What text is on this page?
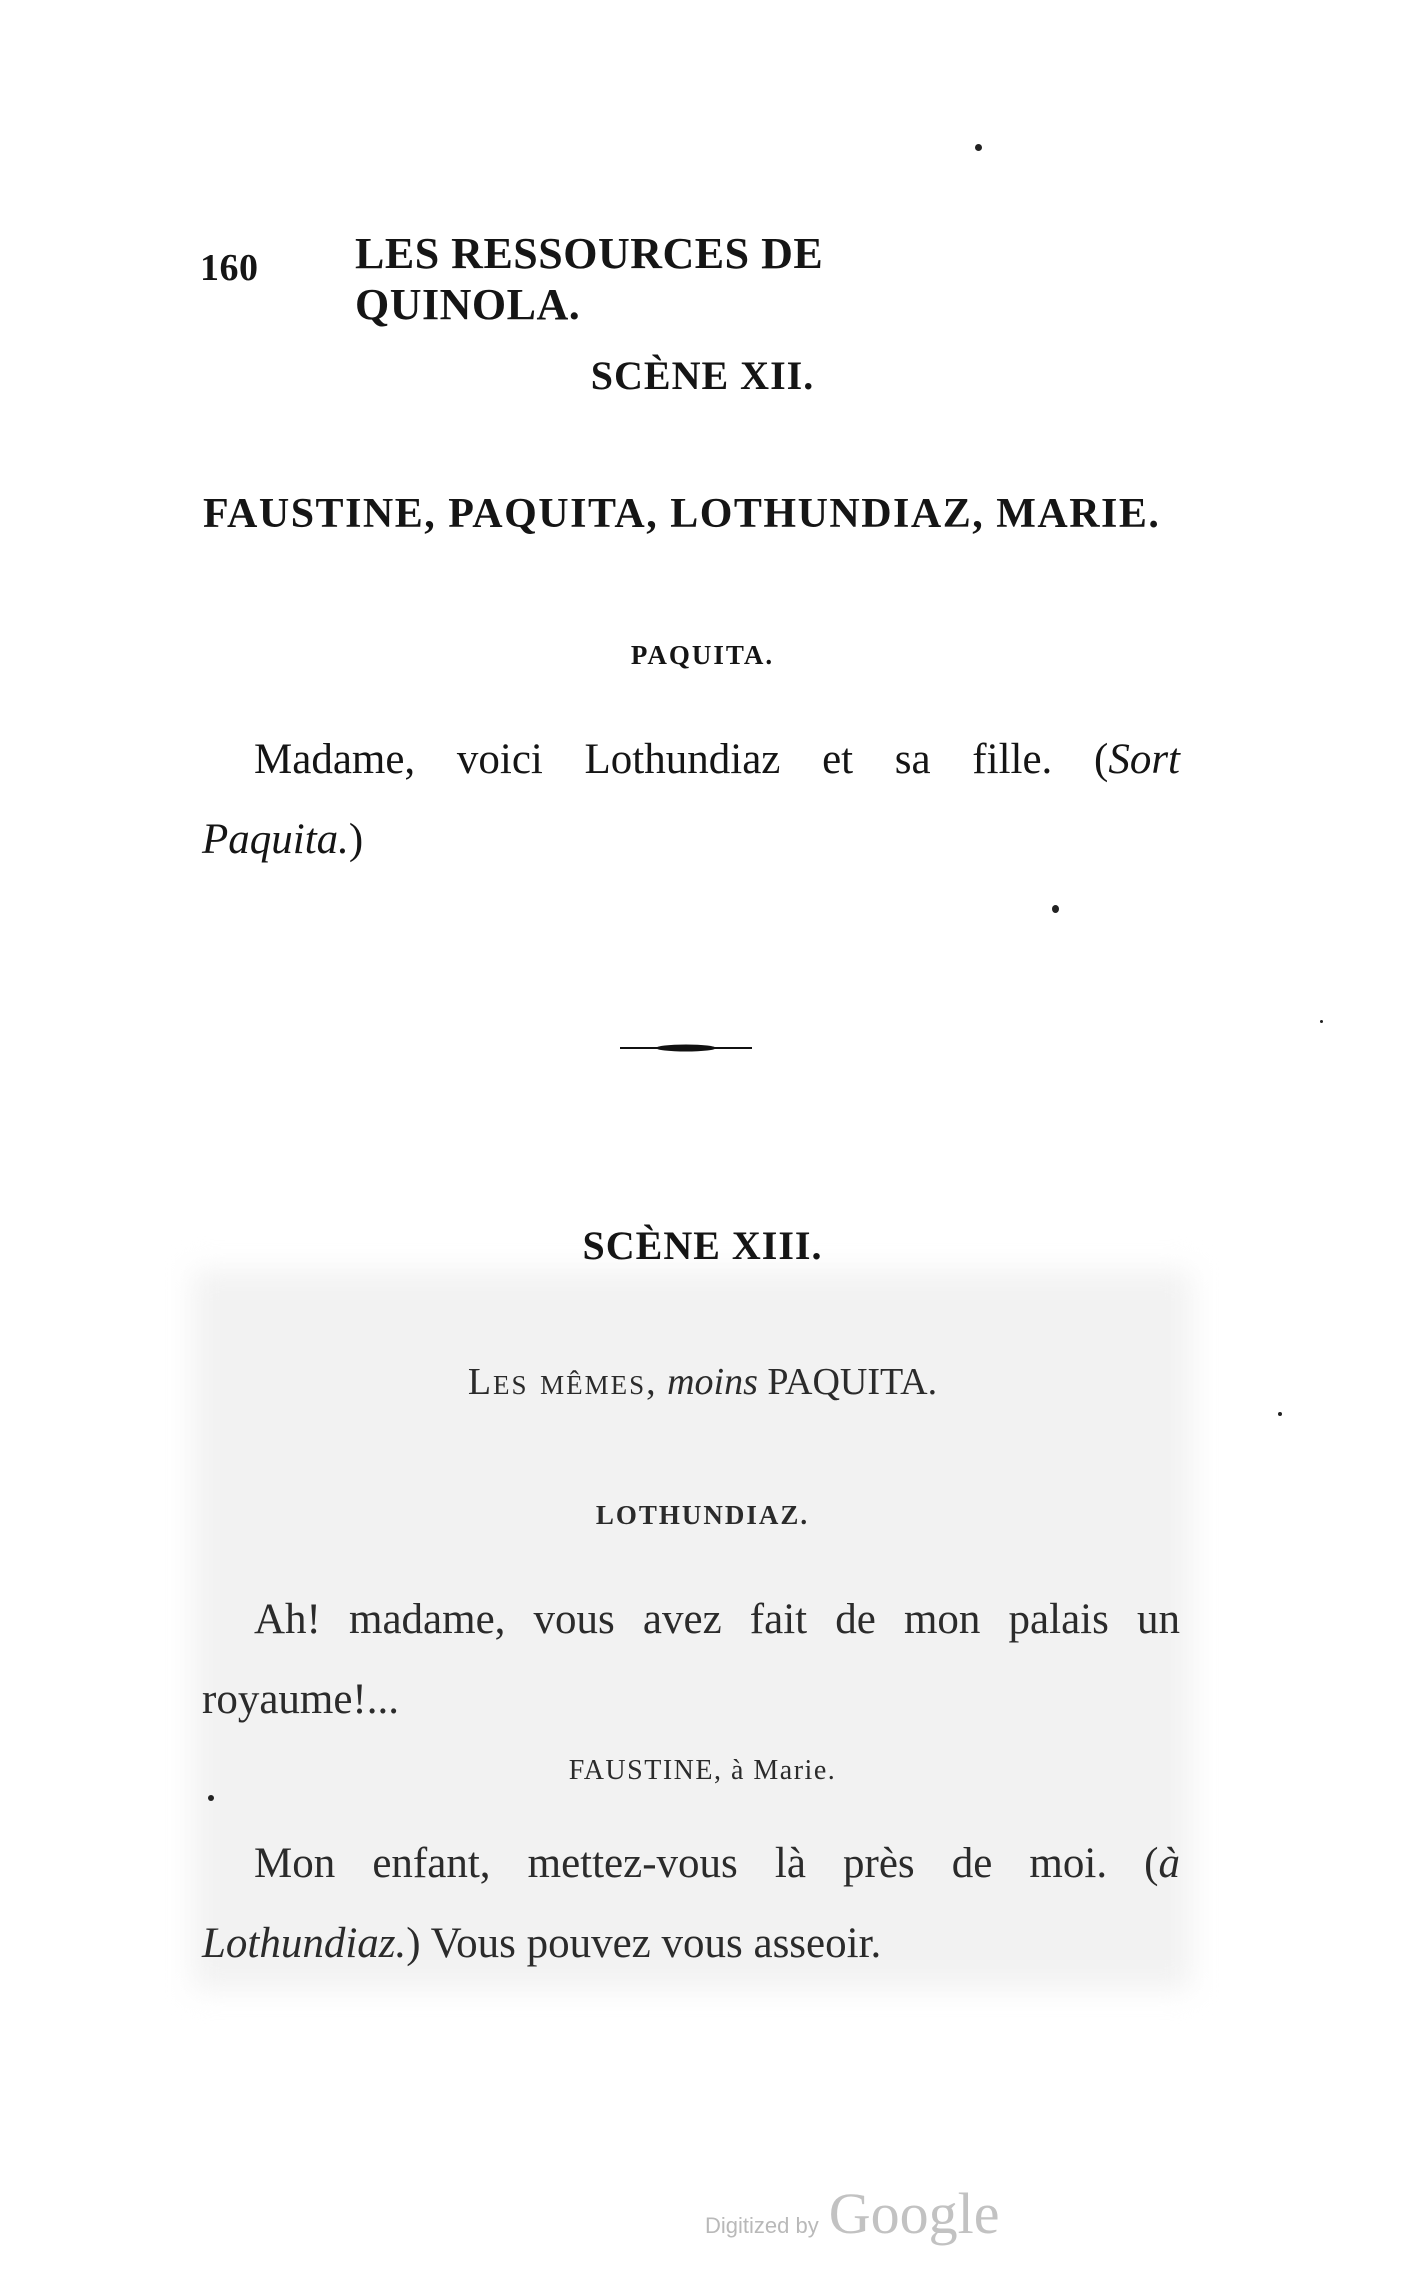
160 LES RESSOURCES DE QUINOLA.
SCÈNE XII.
FAUSTINE, PAQUITA, LOTHUNDIAZ, MARIE.
PAQUITA.
Madame, voici Lothundiaz et sa fille. (Sort
Paquita.)
SCÈNE XIII.
Les mêmes, moins PAQUITA.
LOTHUNDIAZ.
Ah! madame, vous avez fait de mon palais un
royaume!...
FAUSTINE, à Marie.
Mon enfant, mettez-vous là près de moi. (à
Lothundiaz.) Vous pouvez vous asseoir.
Digitized by Google
